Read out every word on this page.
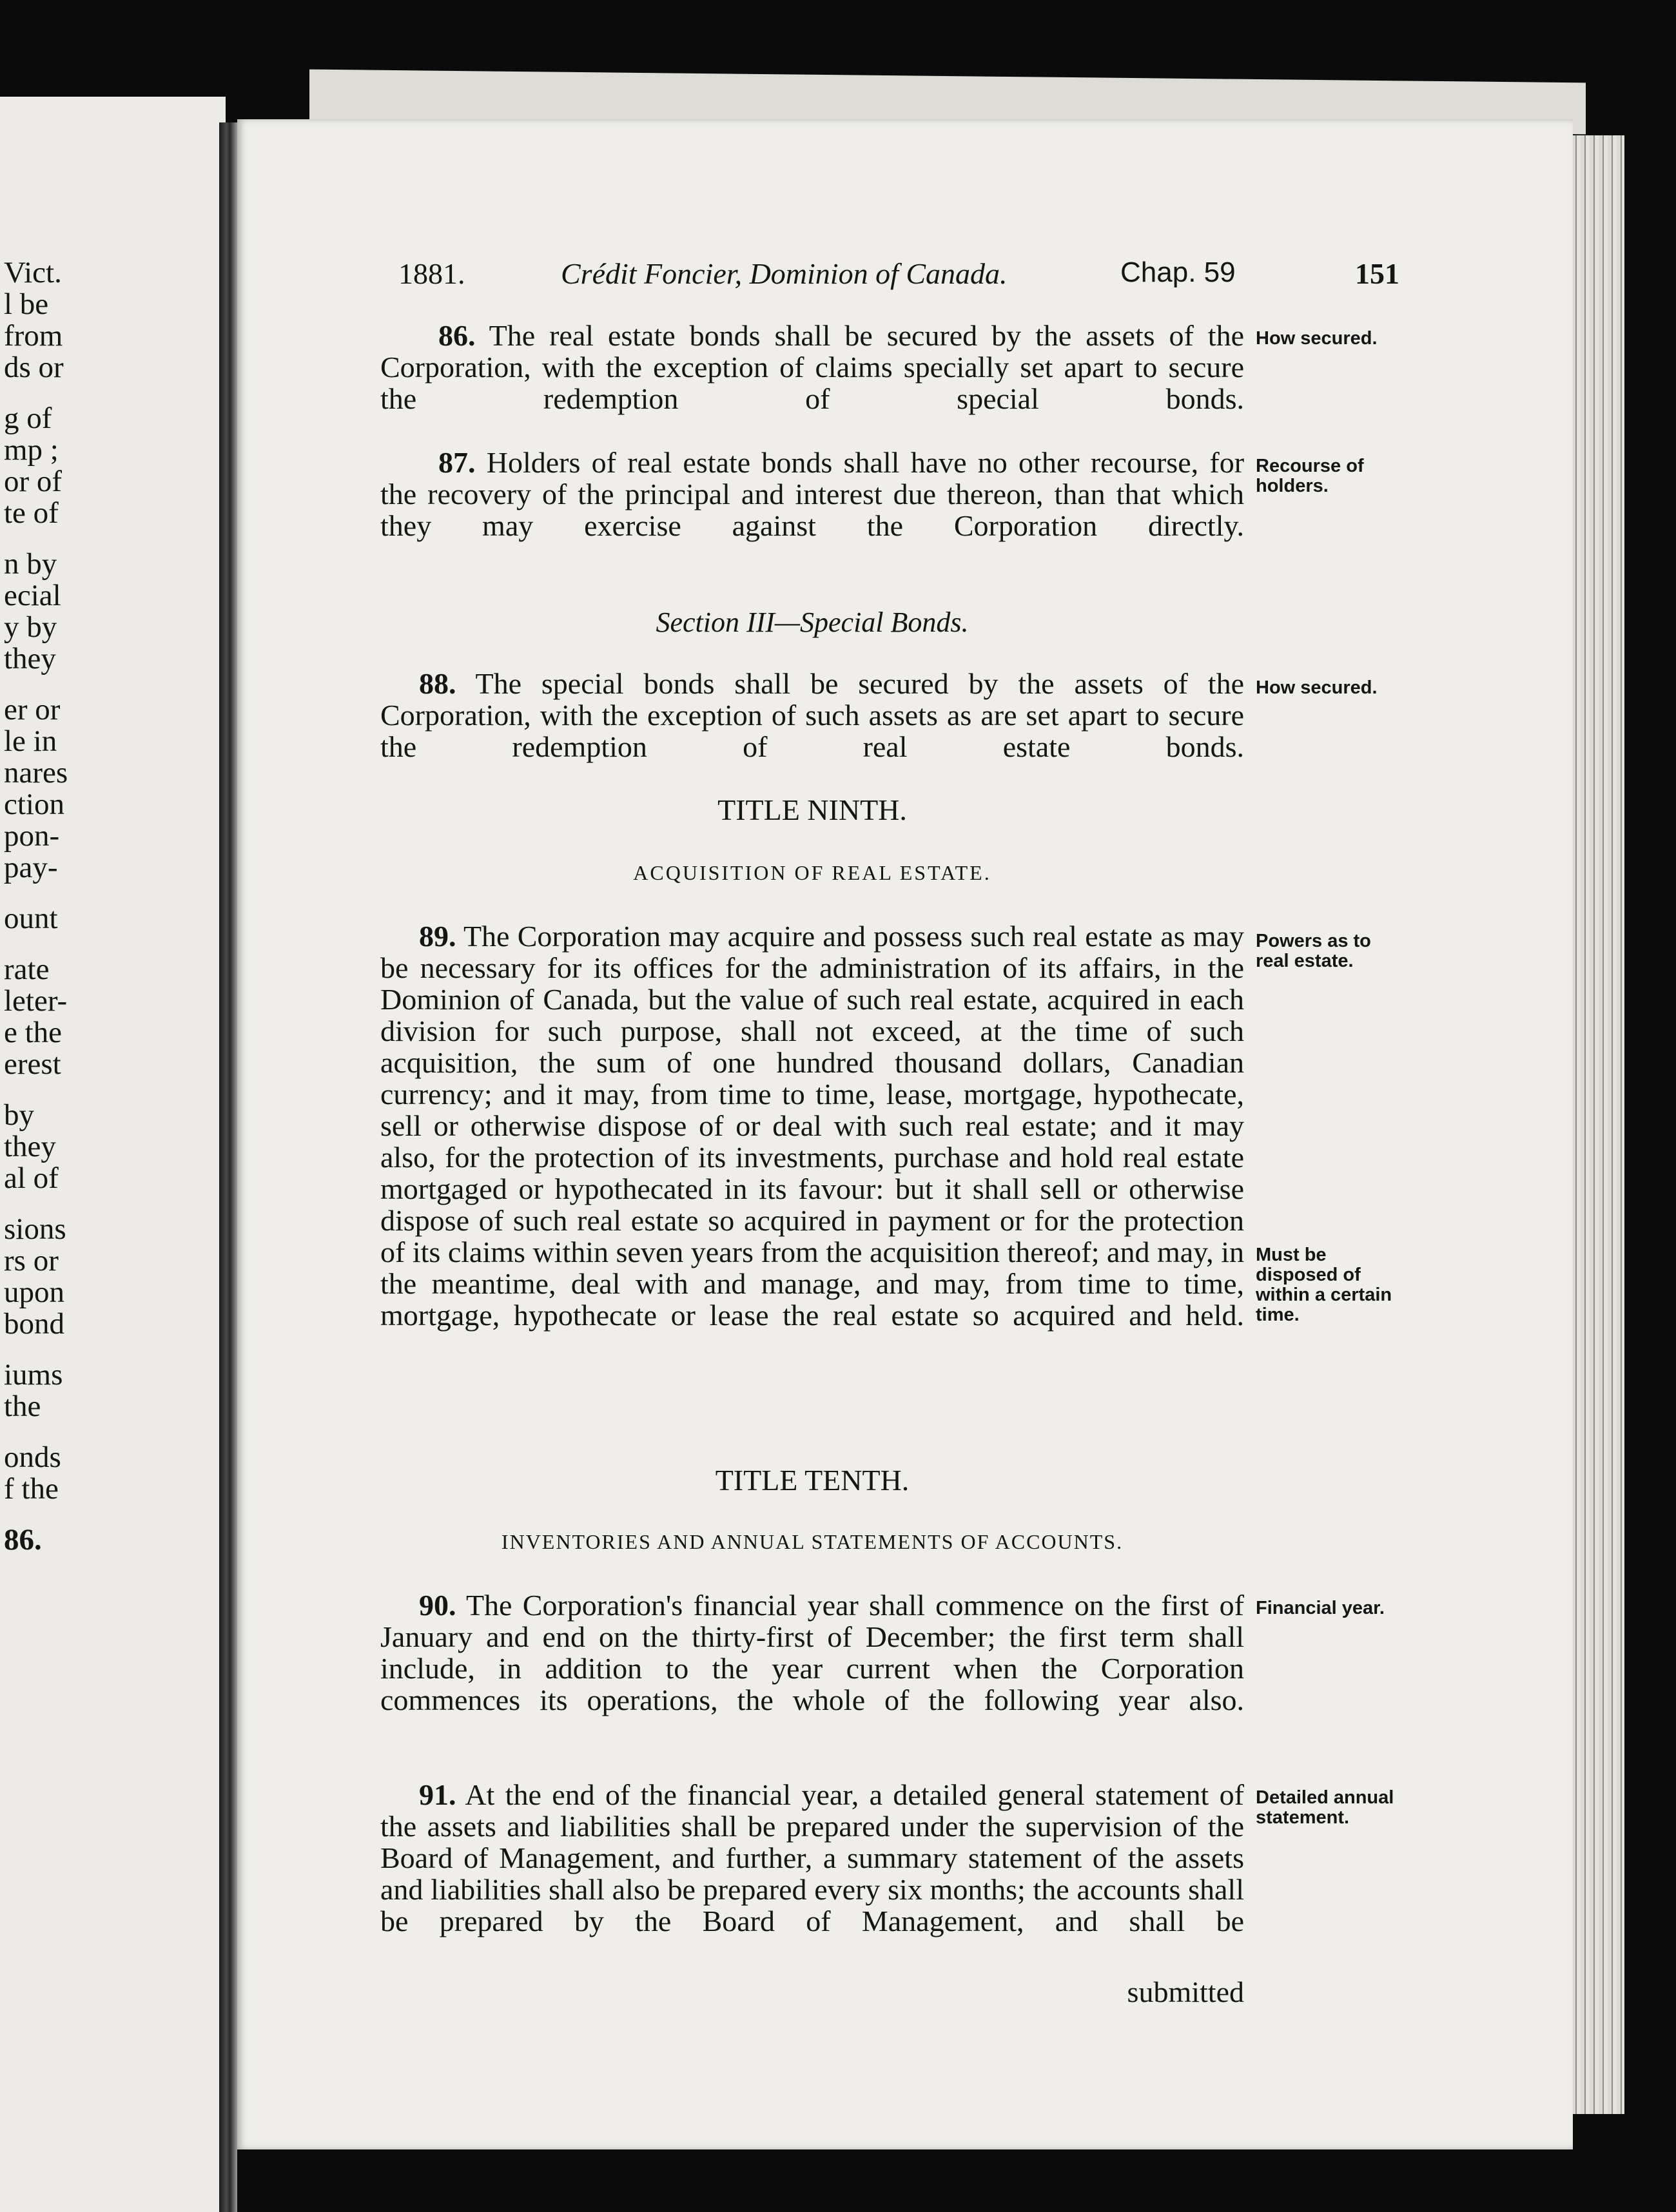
Vict.
l be
from
ds or
g of
mp ;
or of
te of
n by
ecial
y by
they
er or
le in
nares
ction
pon-
pay-
ount
rate
leter-
e the
erest
by
they
al of
sions
rs or
upon
bond
iums
the
onds
f the
86.
1881.	Crédit Foncier, Dominion of Canada.	Chap. 59	151
86. The real estate bonds shall be secured by the assets of the Corporation, with the exception of claims specially set apart to secure the redemption of special bonds.
87. Holders of real estate bonds shall have no other recourse, for the recovery of the principal and interest due thereon, than that which they may exercise against the Corporation directly.
Section III—Special Bonds.
88. The special bonds shall be secured by the assets of the Corporation, with the exception of such assets as are set apart to secure the redemption of real estate bonds.
TITLE NINTH.
ACQUISITION OF REAL ESTATE.
89. The Corporation may acquire and possess such real estate as may be necessary for its offices for the administration of its affairs, in the Dominion of Canada, but the value of such real estate, acquired in each division for such purpose, shall not exceed, at the time of such acquisition, the sum of one hundred thousand dollars, Canadian currency; and it may, from time to time, lease, mortgage, hypothecate, sell or otherwise dispose of or deal with such real estate; and it may also, for the protection of its investments, purchase and hold real estate mortgaged or hypothecated in its favour: but it shall sell or otherwise dispose of such real estate so acquired in payment or for the protection of its claims within seven years from the acquisition thereof; and may, in the meantime, deal with and manage, and may, from time to time, mortgage, hypothecate or lease the real estate so acquired and held.
TITLE TENTH.
INVENTORIES AND ANNUAL STATEMENTS OF ACCOUNTS.
90. The Corporation's financial year shall commence on the first of January and end on the thirty-first of December; the first term shall include, in addition to the year current when the Corporation commences its operations, the whole of the following year also.
91. At the end of the financial year, a detailed general statement of the assets and liabilities shall be prepared under the supervision of the Board of Management, and further, a summary statement of the assets and liabilities shall also be prepared every six months; the accounts shall be prepared by the Board of Management, and shall be
submitted
How secured.
Recourse of holders.
How secured.
Powers as to real estate.
Must be disposed of within a certain time.
Financial year.
Detailed annual statement.
